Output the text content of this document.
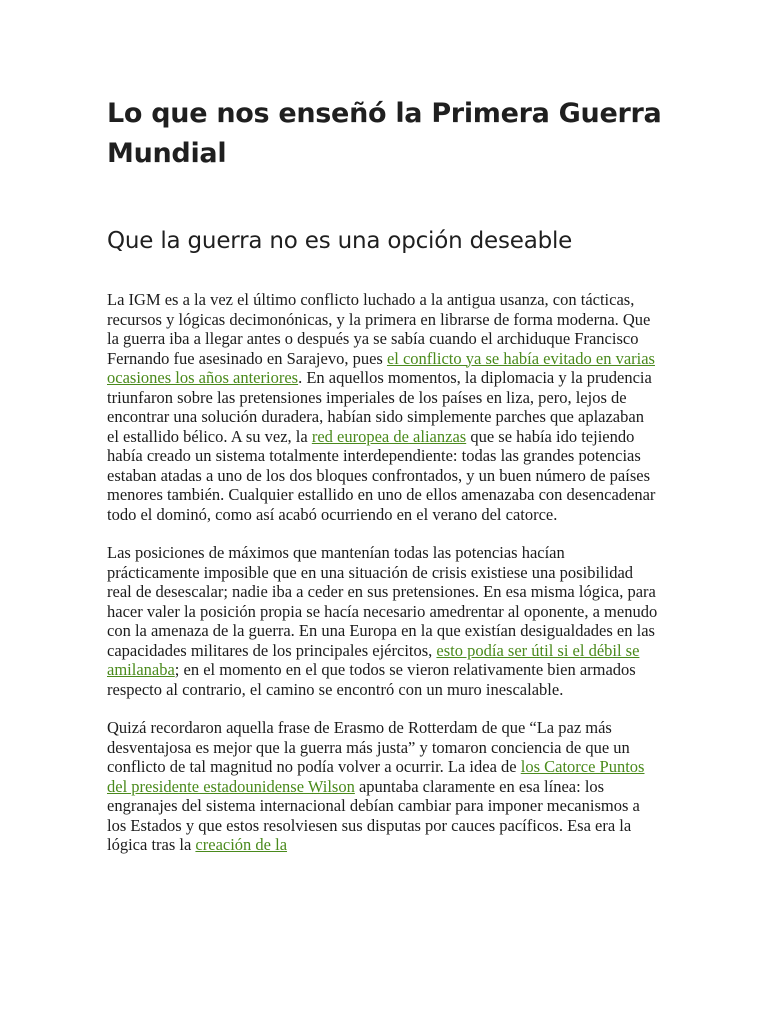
Lo que nos enseñó la Primera Guerra Mundial
Que la guerra no es una opción deseable

La IGM es a la vez el último conflicto luchado a la antigua usanza, con tácticas, recursos y lógicas decimonónicas, y la primera en librarse de forma moderna. Que la guerra iba a llegar antes o después ya se sabía cuando el archiduque Francisco Fernando fue asesinado en Sarajevo, pues el conflicto ya se había evitado en varias ocasiones los años anteriores. En aquellos momentos, la diplomacia y la prudencia triunfaron sobre las pretensiones imperiales de los países en liza, pero, lejos de encontrar una solución duradera, habían sido simplemente parches que aplazaban el estallido bélico. A su vez, la red europea de alianzas que se había ido tejiendo había creado un sistema totalmente interdependiente: todas las grandes potencias estaban atadas a uno de los dos bloques confrontados, y un buen número de países menores también. Cualquier estallido en uno de ellos amenazaba con desencadenar todo el dominó, como así acabó ocurriendo en el verano del catorce.

Las posiciones de máximos que mantenían todas las potencias hacían prácticamente imposible que en una situación de crisis existiese una posibilidad real de desescalar; nadie iba a ceder en sus pretensiones. En esa misma lógica, para hacer valer la posición propia se hacía necesario amedrentar al oponente, a menudo con la amenaza de la guerra. En una Europa en la que existían desigualdades en las capacidades militares de los principales ejércitos, esto podía ser útil si el débil se amilanaba; en el momento en el que todos se vieron relativamente bien armados respecto al contrario, el camino se encontró con un muro inescalable.

Quizá recordaron aquella frase de Erasmo de Rotterdam de que “La paz más desventajosa es mejor que la guerra más justa” y tomaron conciencia de que un conflicto de tal magnitud no podía volver a ocurrir. La idea de los Catorce Puntos del presidente estadounidense Wilson apuntaba claramente en esa línea: los engranajes del sistema internacional debían cambiar para imponer mecanismos a los Estados y que estos resolviesen sus disputas por cauces pacíficos. Esa era la lógica tras la creación de la
